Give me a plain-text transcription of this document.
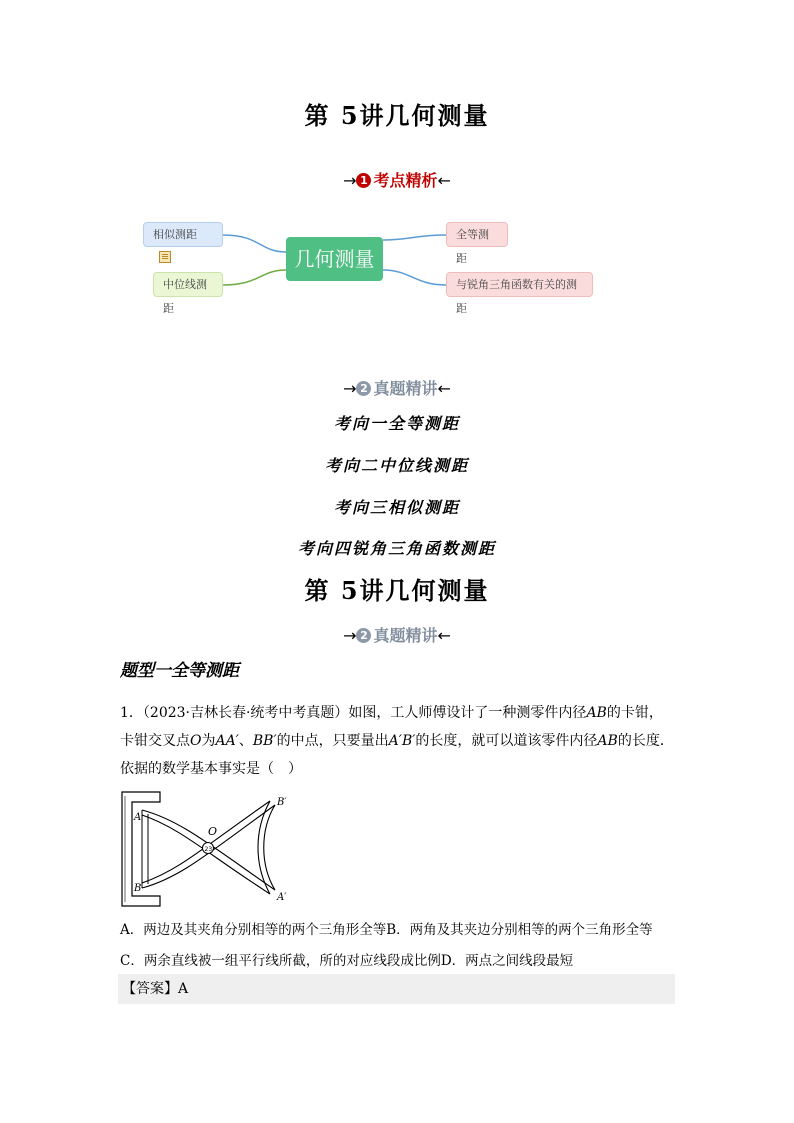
第 5讲几何测量
→ 1 考点精析←
几何测量
相似测距
中位线测距
全等测距
与锐角三角函数有关的测距
→ 2 真题精讲←
考向一全等测距
考向二中位线测距
考向三相似测距
考向四锐角三角函数测距
第 5讲几何测量
→ 2 真题精讲←
题型一全等测距
1．（2023·吉林长春·统考中考真题）如图，工人师傅设计了一种测零件内径AB的卡钳，卡钳交叉点O为AA′、BB′的中点，只要量出A′B′的长度，就可以道该零件内径AB的长度．依据的数学基本事实是（　）
23
A
B
O
B′
A′
A．两边及其夹角分别相等的两个三角形全等B．两角及其夹边分别相等的两个三角形全等
C．两余直线被一组平行线所截，所的对应线段成比例D．两点之间线段最短
【答案】A
